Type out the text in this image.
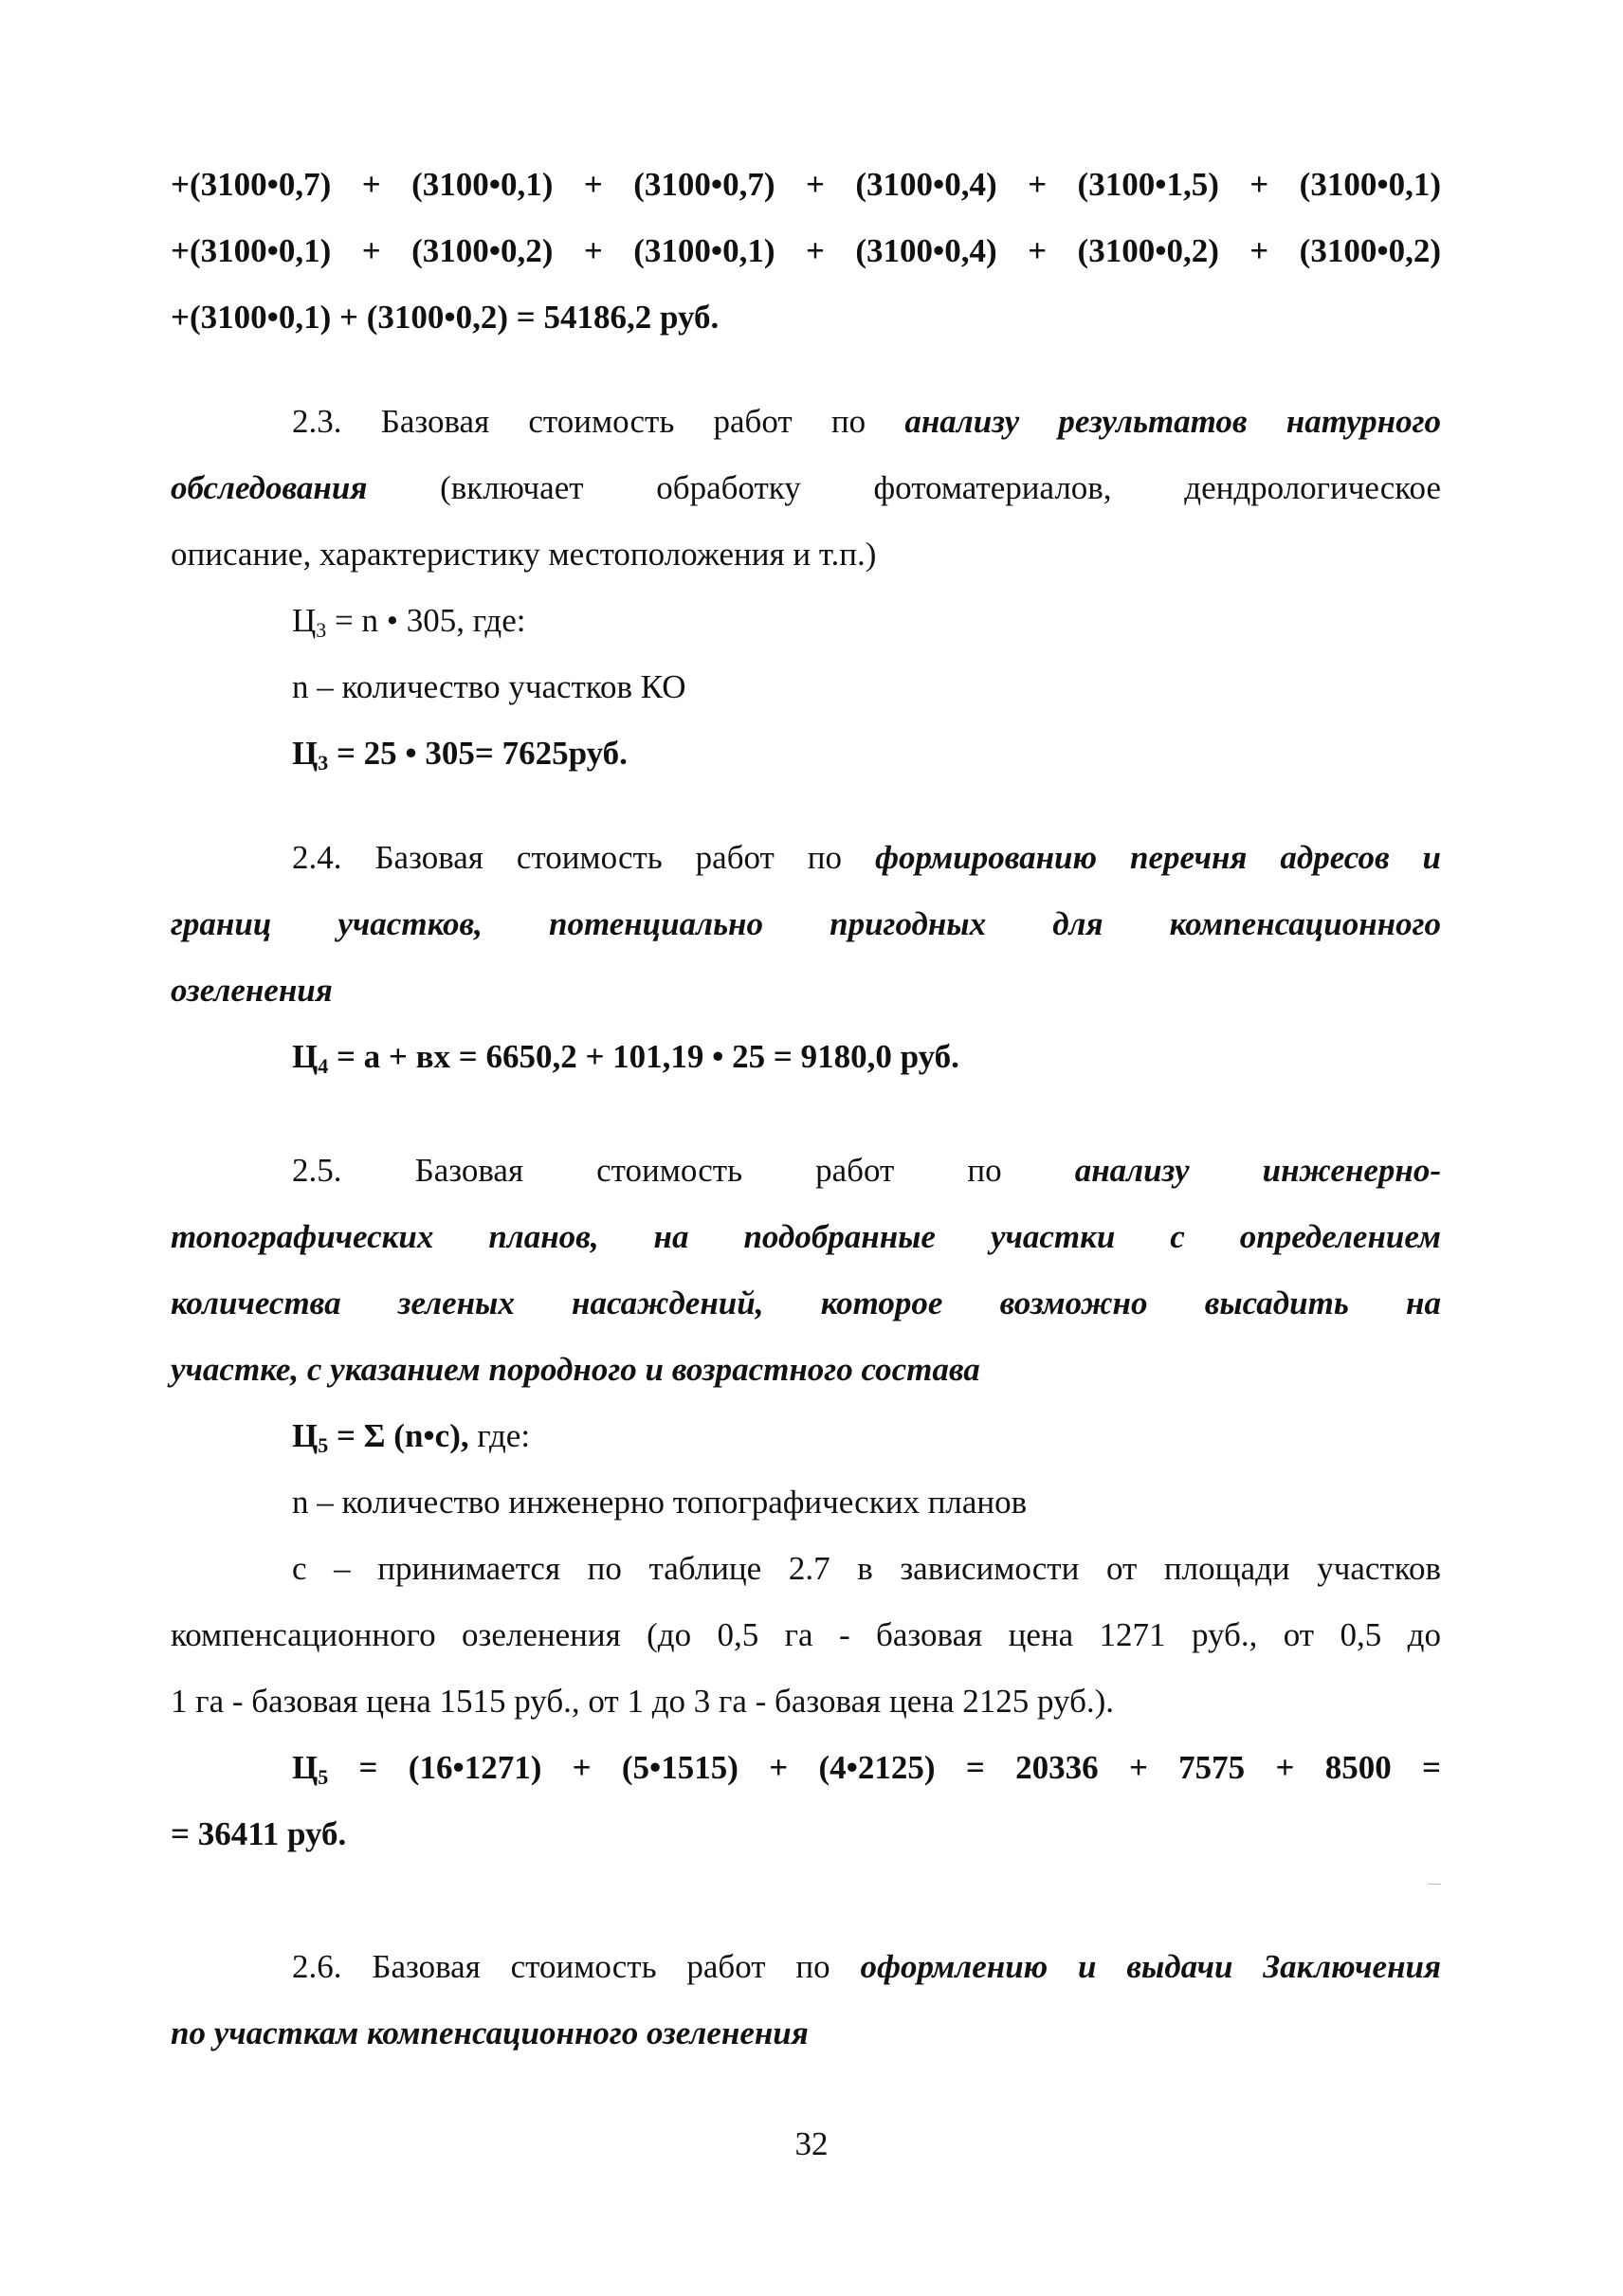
+(3100•0,7) + (3100•0,1) + (3100•0,7) + (3100•0,4) + (3100•1,5) + (3100•0,1)
+(3100•0,1) + (3100•0,2) + (3100•0,1) + (3100•0,4) + (3100•0,2) + (3100•0,2)
+(3100•0,1) + (3100•0,2) = 54186,2 руб.
2.3. Базовая стоимость работ по анализу результатов натурного
обследования (включает обработку фотоматериалов, дендрологическое
описание, характеристику местоположения и т.п.)
$Ц_3 = n$ • 305, где:
n – количество участков КО
$Ц_3 = 25$ • 305= 7625руб.
2.4. Базовая стоимость работ по формированию перечня адресов и
границ участков, потенциально пригодных для компенсационного
озеленения
$Ц_4 = а$ + вх = 6650,2 + 101,19 • 25 = 9180,0 руб.
2.5. Базовая стоимость работ по анализу инженерно-
топографических планов, на подобранные участки с определением
количества зеленых насаждений, которое возможно высадить на
участке, с указанием породного и возрастного состава
$Ц_5 = \Sigma$ (n•с), где:
n – количество инженерно топографических планов
с – принимается по таблице 2.7 в зависимости от площади участков
компенсационного озеленения (до 0,5 га - базовая цена 1271 руб., от 0,5 до
1 га - базовая цена 1515 руб., от 1 до 3 га - базовая цена 2125 руб.).
$Ц_5$ = (16•1271) + (5•1515) + (4•2125) = 20336 + 7575 + 8500 =
= 36411 руб.
2.6. Базовая стоимость работ по оформлению и выдачи Заключения
по участкам компенсационного озеленения
32
